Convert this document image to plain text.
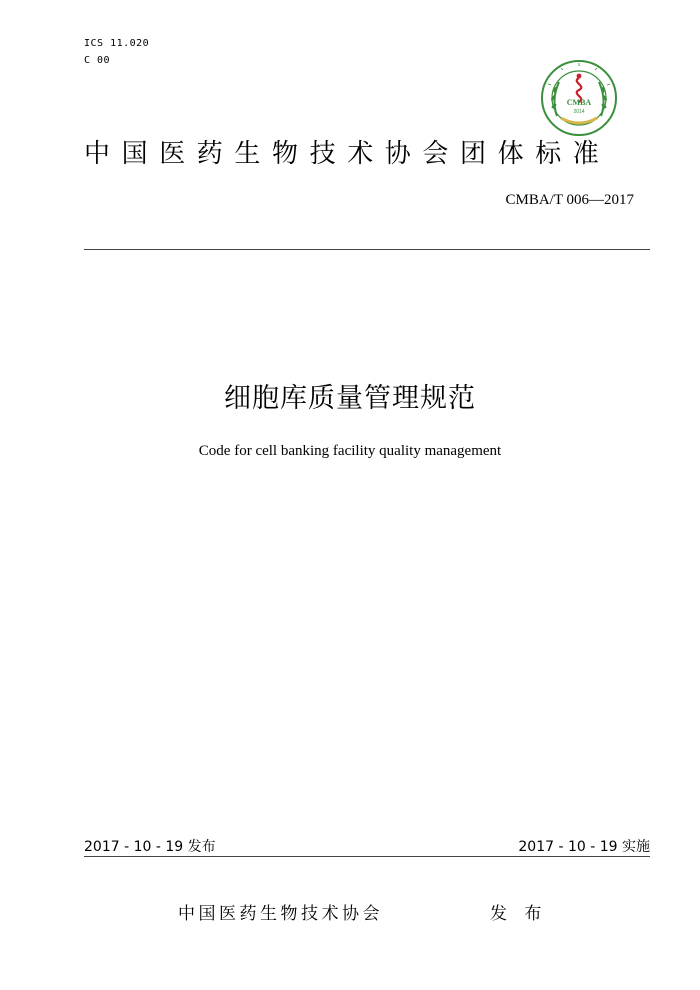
ICS 11.020
C 00
CMBA
2014
中国医药生物技术协会团体标准
CMBA/T 006—2017
细胞库质量管理规范
Code for cell banking facility quality management
2017 - 10 - 19 发布	2017 - 10 - 19 实施
中国医药生物技术协会	发 布
